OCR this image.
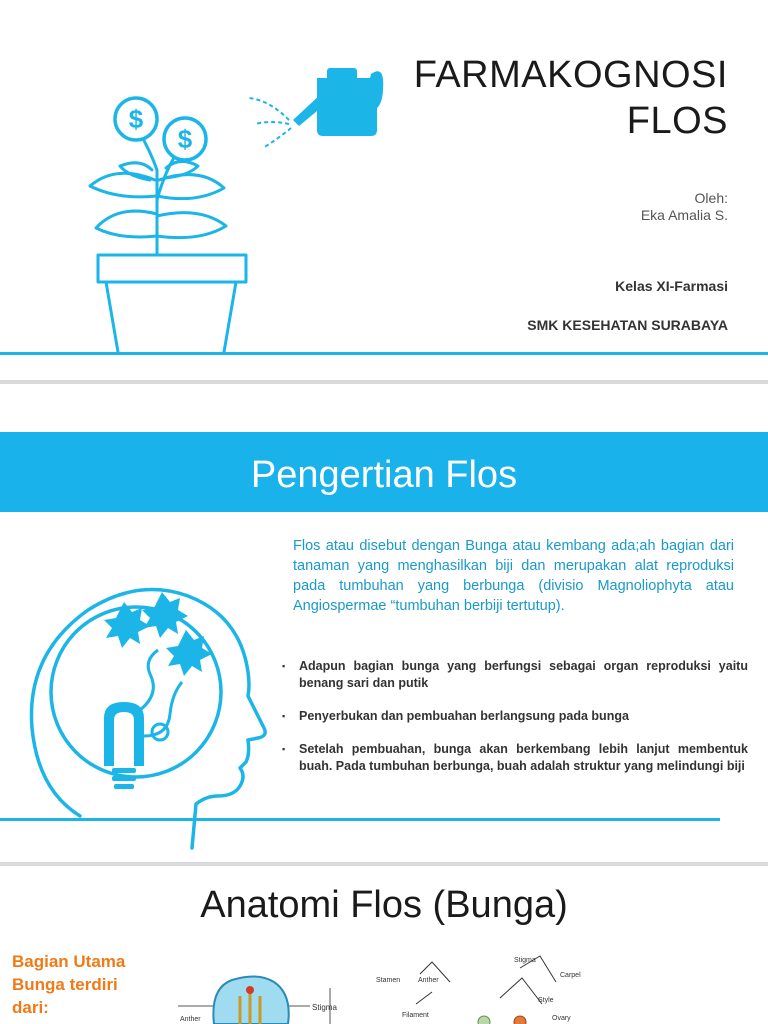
$
$
FARMAKOGNOSI
FLOS
Oleh:
Eka Amalia S.
Kelas XI-Farmasi
SMK KESEHATAN SURABAYA
Pengertian Flos
Flos atau disebut dengan Bunga atau kembang ada;ah bagian dari tanaman yang menghasilkan biji dan merupakan alat reproduksi pada tumbuhan yang berbunga (divisio Magnoliophyta atau Angiospermae “tumbuhan berbiji tertutup).
▪ Adapun bagian bunga yang berfungsi sebagai organ reproduksi yaitu benang sari dan putik
▪ Penyerbukan dan pembuahan berlangsung pada bunga
▪ Setelah pembuahan, bunga akan berkembang lebih lanjut membentuk buah. Pada tumbuhan berbunga, buah adalah struktur yang melindungi biji
Anatomi Flos (Bunga)
Bagian Utama Bunga terdiri dari:	Stigma
Anther
Stigma
Carpel
Stamen	Anther
Style
Filament	Ovary
